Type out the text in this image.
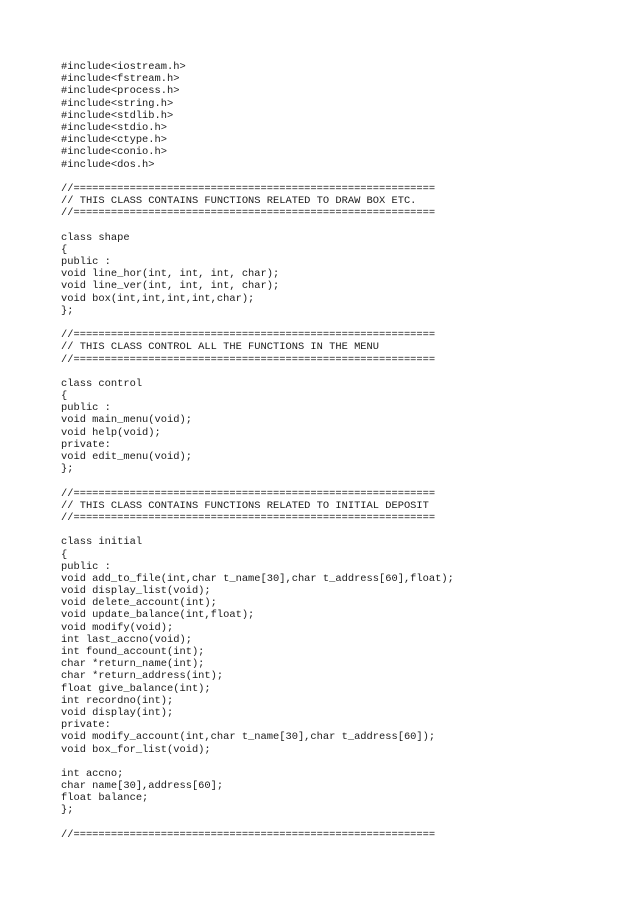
#include<iostream.h>
#include<fstream.h>
#include<process.h>
#include<string.h>
#include<stdlib.h>
#include<stdio.h>
#include<ctype.h>
#include<conio.h>
#include<dos.h>
//==========================================================
// THIS CLASS CONTAINS FUNCTIONS RELATED TO DRAW BOX ETC.
//==========================================================
class shape
{
public :
void line_hor(int, int, int, char);
void line_ver(int, int, int, char);
void box(int,int,int,int,char);
};
//==========================================================
// THIS CLASS CONTROL ALL THE FUNCTIONS IN THE MENU
//==========================================================
class control
{
public :
void main_menu(void);
void help(void);
private:
void edit_menu(void);
};
//==========================================================
// THIS CLASS CONTAINS FUNCTIONS RELATED TO INITIAL DEPOSIT
//==========================================================
class initial
{
public :
void add_to_file(int,char t_name[30],char t_address[60],float);
void display_list(void);
void delete_account(int);
void update_balance(int,float);
void modify(void);
int last_accno(void);
int found_account(int);
char *return_name(int);
char *return_address(int);
float give_balance(int);
int recordno(int);
void display(int);
private:
void modify_account(int,char t_name[30],char t_address[60]);
void box_for_list(void);
int accno;
char name[30],address[60];
float balance;
};
//==========================================================
